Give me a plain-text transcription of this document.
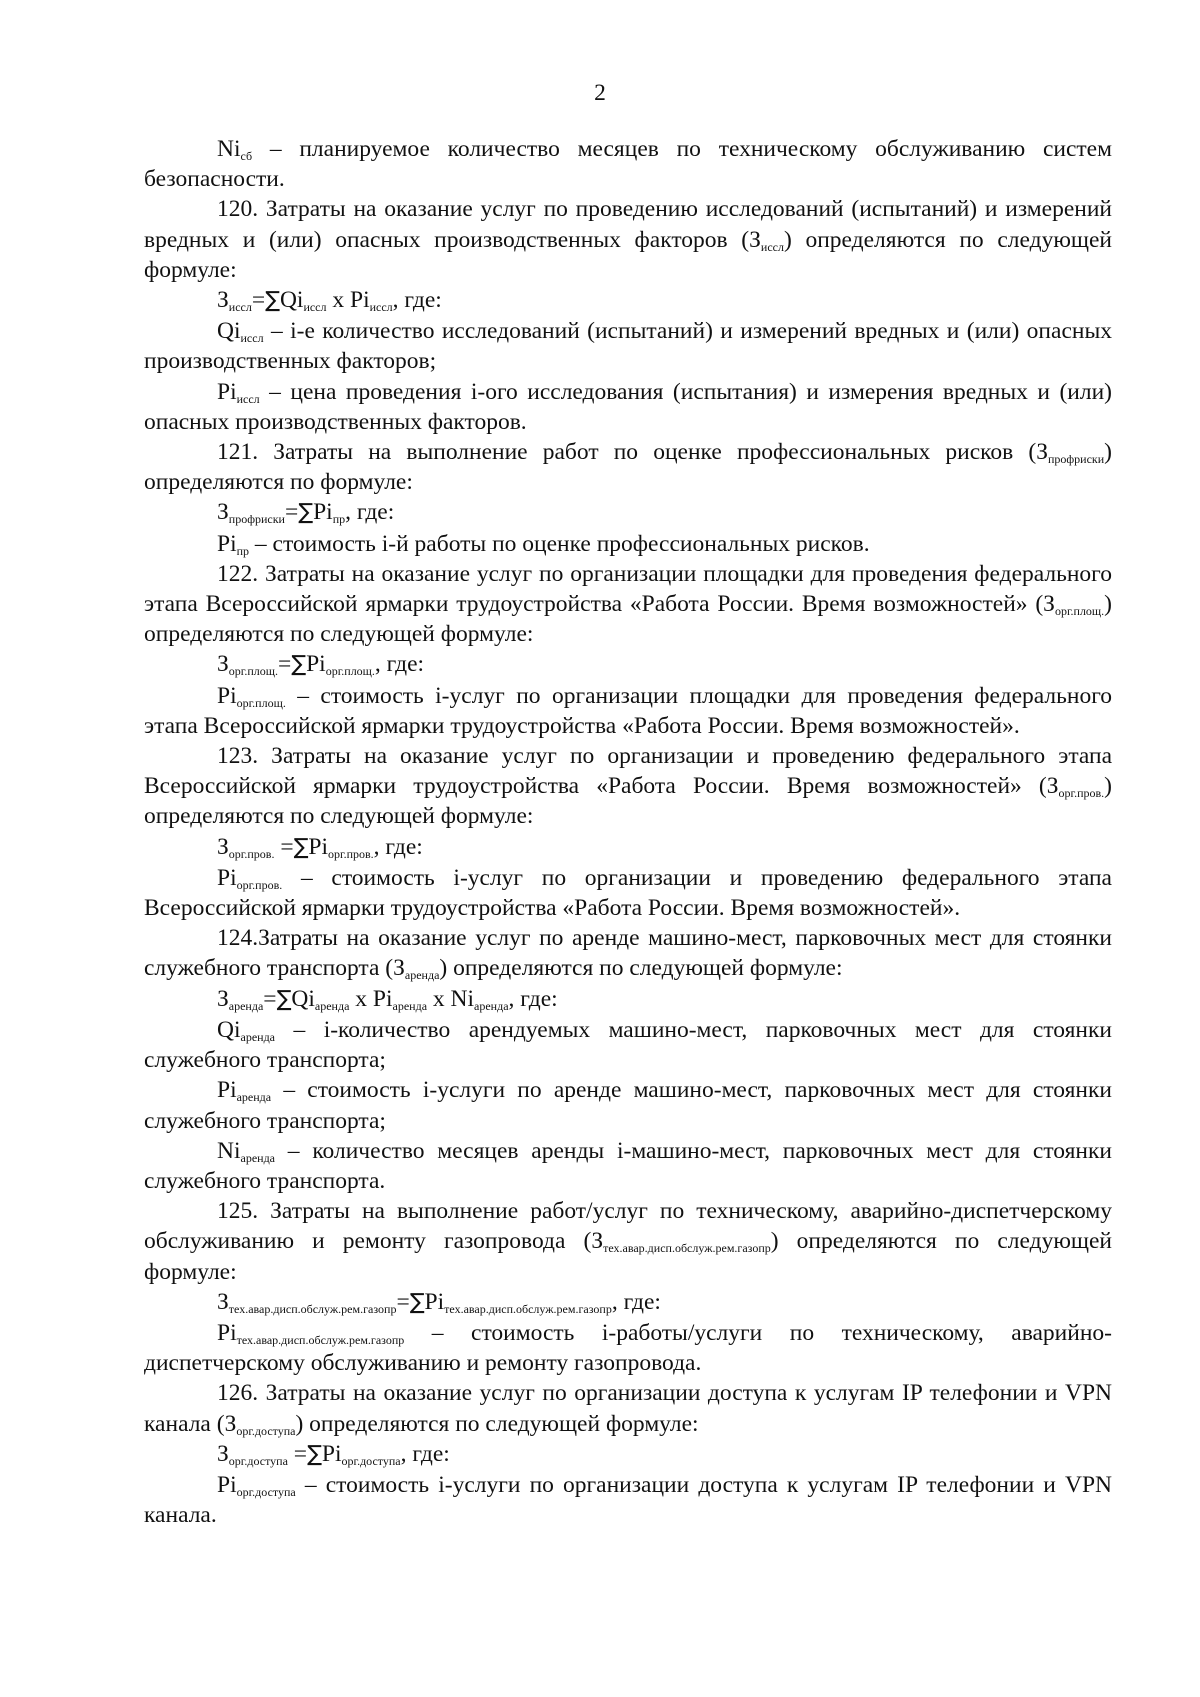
2

$Ni_{сб}$ – планируемое количество месяцев по техническому обслуживанию систем безопасности.

120. Затраты на оказание услуг по проведению исследований (испытаний) и измерений вредных и (или) опасных производственных факторов $(З_{иссл})$ определяются по следующей формуле:

$З_{иссл}=\sum Qi_{иссл}$ x $Pi_{иссл}$, где:

$Qi_{иссл} - i-е$ количество исследований (испытаний) и измерений вредных и (или) опасных производственных факторов;

$Pi_{иссл}$ – цена проведения i-ого исследования (испытания) и измерения вредных и (или) опасных производственных факторов.

121. Затраты на выполнение работ по оценке профессиональных рисков $(З_{профриски})$ определяются по формуле:

$З_{профриски}=\sum Pi_{пр}$, где:

$Pi_{пр}$ – стоимость i-й работы по оценке профессиональных рисков.

122. Затраты на оказание услуг по организации площадки для проведения федерального этапа Всероссийской ярмарки трудоустройства «Работа России. Время возможностей» $(З_{орг.площ.})$ определяются по следующей формуле:

$З_{орг.площ.}=\sum Pi_{орг.площ.}$, где:

$Pi_{орг.площ.}$ – стоимость i-услуг по организации площадки для проведения федерального этапа Всероссийской ярмарки трудоустройства «Работа России. Время возможностей».

123. Затраты на оказание услуг по организации и проведению федерального этапа Всероссийской ярмарки трудоустройства «Работа России. Время возможностей» $(З_{орг.пров.})$ определяются по следующей формуле:

$З_{орг.пров.} =\sum Pi_{орг.пров.}$, где:

$Pi_{орг.пров.}$ – стоимость i-услуг по организации и проведению федерального этапа Всероссийской ярмарки трудоустройства «Работа России. Время возможностей».

124.Затраты на оказание услуг по аренде машино-мест, парковочных мест для стоянки служебного транспорта $(З_{аренда})$ определяются по следующей формуле:

$З_{аренда}=\sum Qi_{аренда}$ x $Pi_{аренда}$ x $Ni_{аренда}$, где:

$Qi_{аренда}$ – i-количество арендуемых машино-мест, парковочных мест для стоянки служебного транспорта;

$Pi_{аренда}$ – стоимость i-услуги по аренде машино-мест, парковочных мест для стоянки служебного транспорта;

$Ni_{аренда}$ – количество месяцев аренды i-машино-мест, парковочных мест для стоянки служебного транспорта.

125. Затраты на выполнение работ/услуг по техническому, аварийно-диспетчерскому обслуживанию и ремонту газопровода $(З_{тех.авар.дисп.обслуж.рем.газопр})$ определяются по следующей формуле:

$З_{тех.авар.дисп.обслуж.рем.газопр}=\sum Pi_{тех.авар.дисп.обслуж.рем.газопр}$, где:

$Pi_{тех.авар.дисп.обслуж.рем.газопр}$ – стоимость i-работы/услуги по техническому, аварийно-диспетчерскому обслуживанию и ремонту газопровода.

126. Затраты на оказание услуг по организации доступа к услугам IP телефонии и VPN канала $(З_{орг.доступа})$ определяются по следующей формуле:

$З_{орг.доступа} =\sum Pi_{орг.доступа}$, где:

$Pi_{орг.доступа}$ – стоимость i-услуги по организации доступа к услугам IP телефонии и VPN канала.
